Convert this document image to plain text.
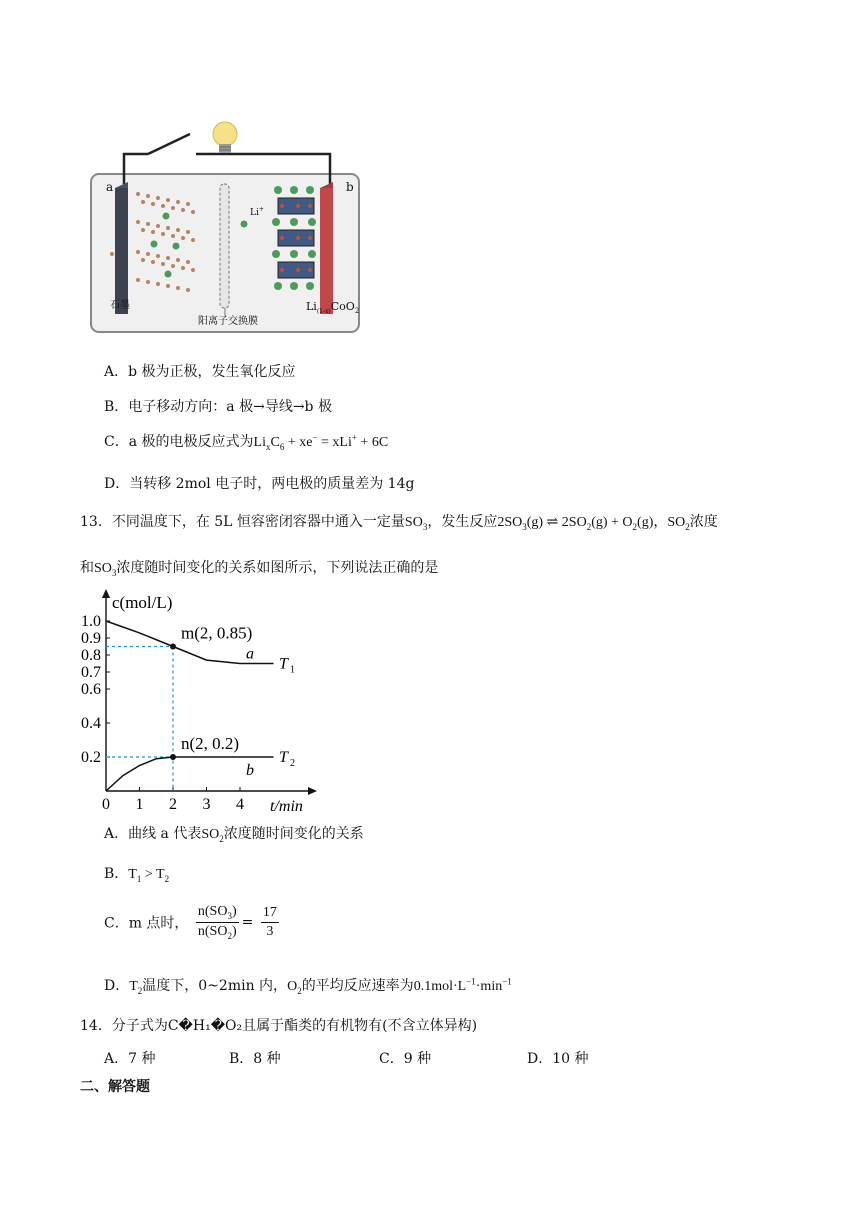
a	b
石墨
阳离子交换膜
Li+
$Li_{(1-x)}CoO_2$
A．b 极为正极，发生氧化反应
B．电子移动方向：a 极→导线→b 极
C．a 极的电极反应式为$Li_xC_6 + xe^- = xLi^+ + 6C$
D．当转移 2mol 电子时，两电极的质量差为 14g
13．不同温度下，在 5L 恒容密闭容器中通入一定量$SO_3$，发生反应$2SO_3(g)$ ⇌ $2SO_2(g) + O_2(g)$，$SO_2$浓度
和$SO_3$浓度随时间变化的关系如图所示，下列说法正确的是
1.0
0.9
0.8
0.7
0.6
0.4
0.2
0 1 2 3 4
c(mol/L)
t/min
m(2, 0.85)
n(2, 0.2)
a
T 1
b
T 2
A．曲线 a 代表$SO_2$浓度随时间变化的关系
B．$T_1 > T_2$
C．m 点时， $\frac{n(SO_3)}{n(SO_2)} = \frac{17}{3}$
D．$T_2$温度下，0~2min 内，$O_2$的平均反应速率为$0.1mol\cdot L^{-1}\cdot\min^{-1}$
14．分子式为C�H₁�O₂且属于酯类的有机物有(不含立体异构)
A．7 种	B．8 种	C．9 种	D．10 种
二、解答题
